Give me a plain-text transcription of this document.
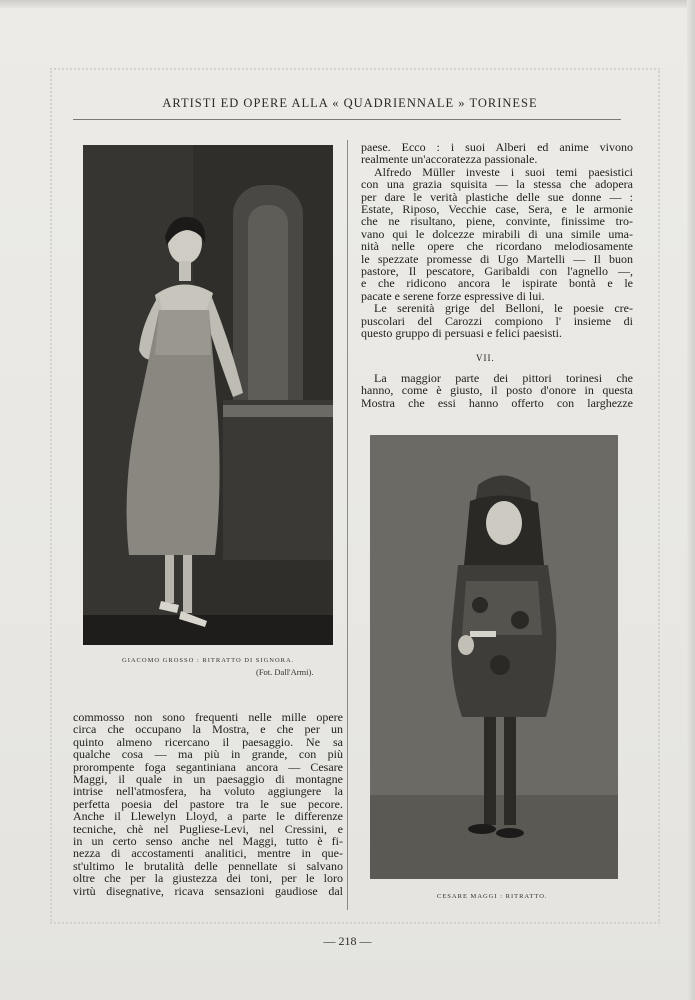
ARTISTI ED OPERE ALLA « QUADRIENNALE » TORINESE
GIACOMO GROSSO : RITRATTO DI SIGNORA.
(Fot. Dall'Armi).
CESARE MAGGI : RITRATTO.
paese. Ecco : i suoi Alberi ed anime vivono
realmente un'accoratezza passionale.
Alfredo Müller investe i suoi temi paesistici
con una grazia squisita — la stessa che adopera
per dare le verità plastiche delle sue donne — :
Estate, Riposo, Vecchie case, Sera, e le armonie
che ne risultano, piene, convinte, finissime tro-
vano qui le dolcezze mirabili di una simile uma-
nità nelle opere che ricordano melodiosamente
le spezzate promesse di Ugo Martelli — Il buon
pastore, Il pescatore, Garibaldi con l'agnello —,
e che ridicono ancora le ispirate bontà e le
pacate e serene forze espressive di lui.
Le serenità grige del Belloni, le poesie cre-
puscolari del Carozzi compiono l' insieme di
questo gruppo di persuasi e felici paesisti.
VII.
La maggior parte dei pittori torinesi che
hanno, come è giusto, il posto d'onore in questa
Mostra che essi hanno offerto con larghezze
commosso non sono frequenti nelle mille opere
circa che occupano la Mostra, e che per un
quinto almeno ricercano il paesaggio. Ne sa
qualche cosa — ma più in grande, con più
prorompente foga segantiniana ancora — Cesare
Maggi, il quale in un paesaggio di montagne
intrise nell'atmosfera, ha voluto aggiungere la
perfetta poesia del pastore tra le sue pecore.
Anche il Llewelyn Lloyd, a parte le differenze
tecniche, chè nel Pugliese-Levi, nel Cressini, e
in un certo senso anche nel Maggi, tutto è fi-
nezza di accostamenti analitici, mentre in que-
st'ultimo le brutalità delle pennellate si salvano
oltre che per la giustezza dei toni, per le loro
virtù disegnative, ricava sensazioni gaudiose dal
— 218 —
